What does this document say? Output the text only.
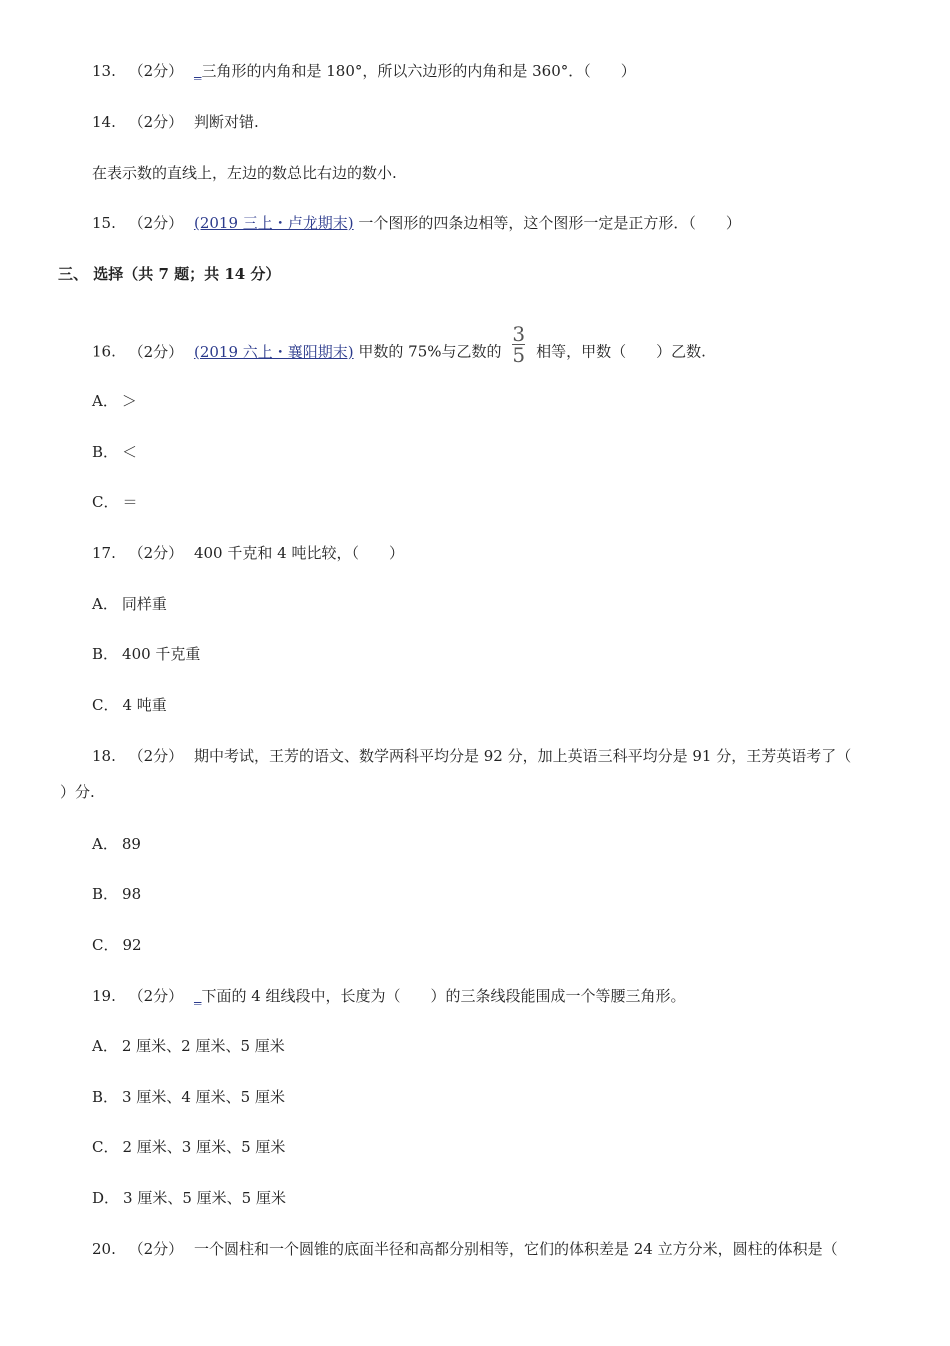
13. （2分） _三角形的内角和是 180°，所以六边形的内角和是 360°．（　　）
14. （2分） 判断对错.
在表示数的直线上，左边的数总比右边的数小.
15. （2分） (2019 三上・卢龙期末) 一个图形的四条边相等，这个图形一定是正方形．（　　）
三、 选择（共 7 题；共 14 分）
16. （2分） (2019 六上・襄阳期末) 甲数的 75%与乙数的 $\frac{3}{5}$ 相等，甲数（　　）乙数.
A． ＞
B． ＜
C． ＝
17. （2分） 400 千克和 4 吨比较，（　　）
A． 同样重
B． 400 千克重
C． 4 吨重
18. （2分） 期中考试，王芳的语文、数学两科平均分是 92 分，加上英语三科平均分是 91 分，王芳英语考了（
）分.
A． 89
B． 98
C． 92
19. （2分） _下面的 4 组线段中，长度为（　　）的三条线段能围成一个等腰三角形。
A． 2 厘米、2 厘米、5 厘米
B． 3 厘米、4 厘米、5 厘米
C． 2 厘米、3 厘米、5 厘米
D． 3 厘米、5 厘米、5 厘米
20. （2分） 一个圆柱和一个圆锥的底面半径和高都分别相等，它们的体积差是 24 立方分米，圆柱的体积是（
